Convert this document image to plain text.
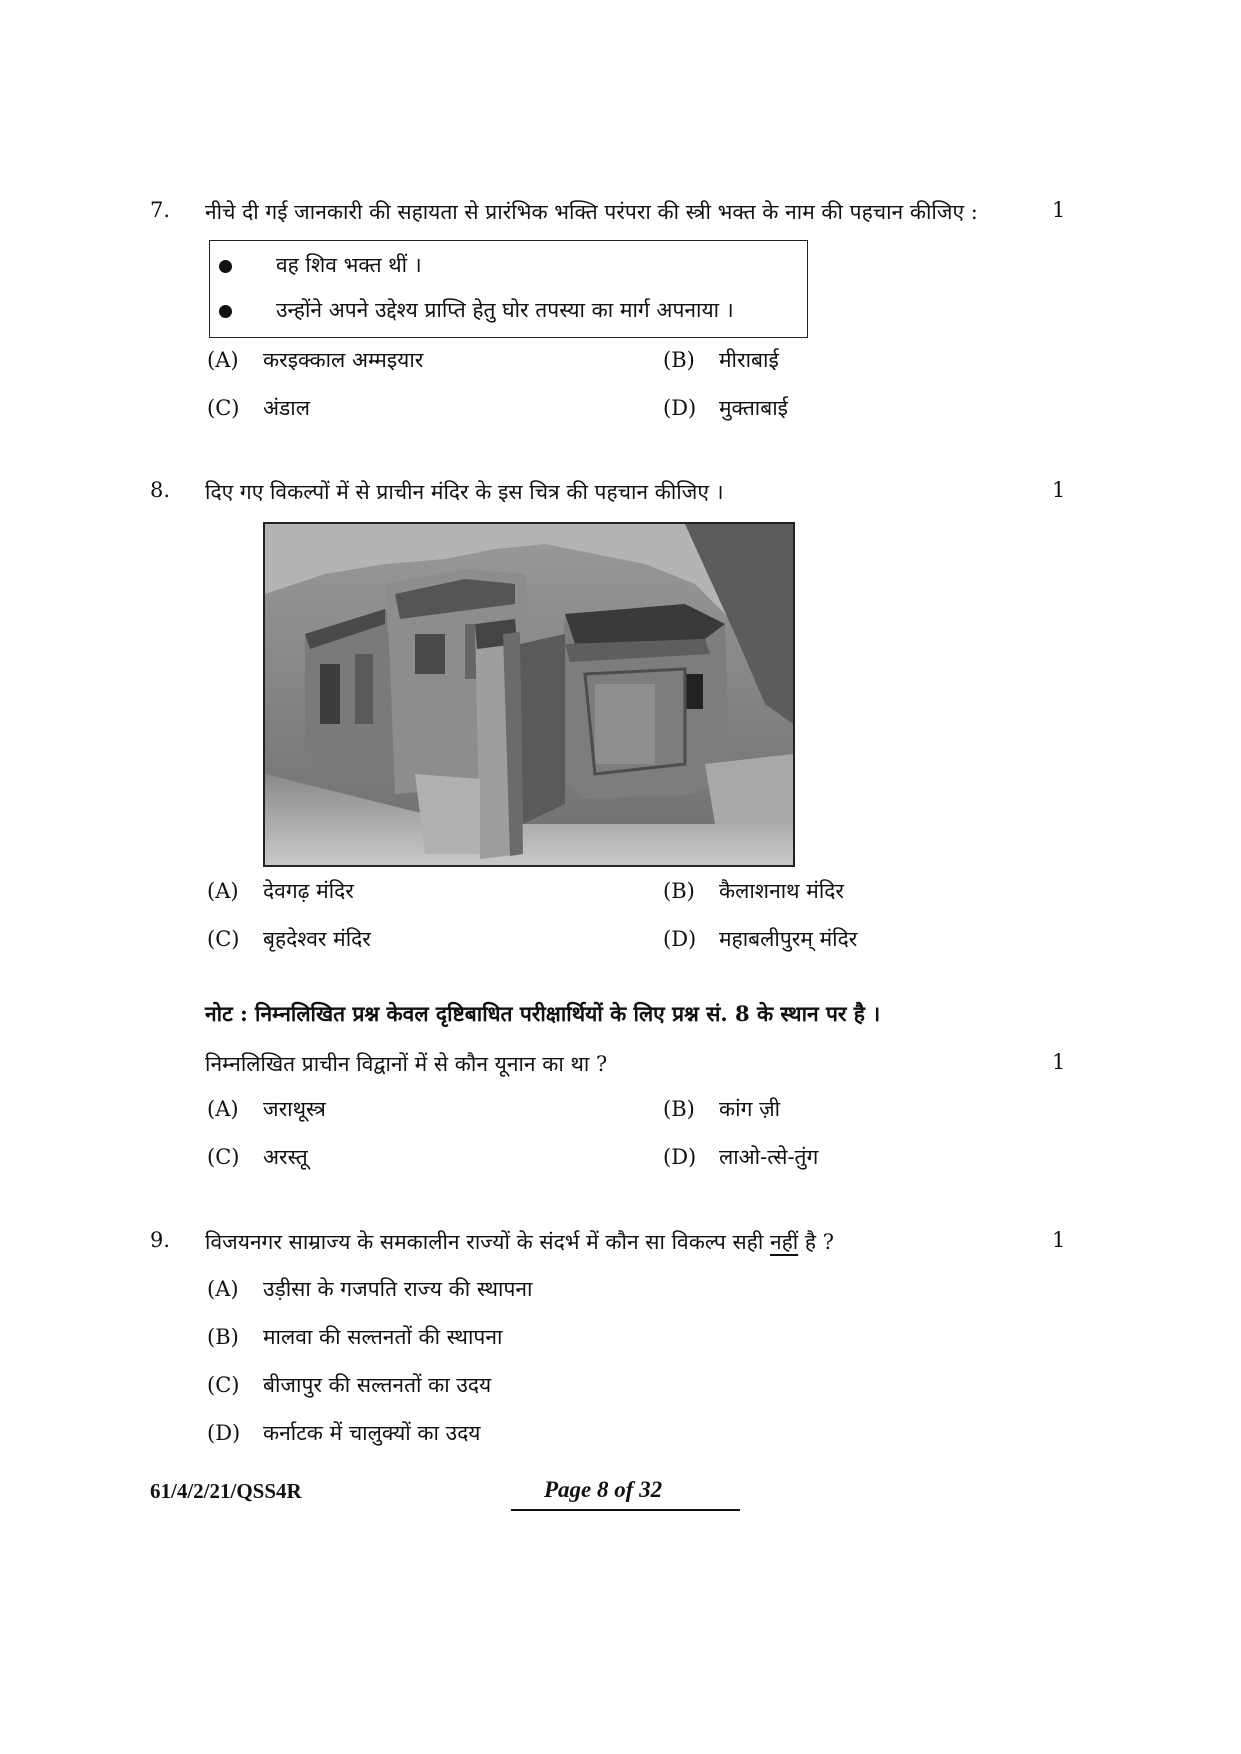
7. नीचे दी गई जानकारी की सहायता से प्रारंभिक भक्ति परंपरा की स्त्री भक्त के नाम की पहचान कीजिए :	1
वह शिव भक्त थीं ।
उन्होंने अपने उद्देश्य प्राप्ति हेतु घोर तपस्या का मार्ग अपनाया ।
(A) करइक्काल अम्मइयार	(B) मीराबाई
(C) अंडाल	(D) मुक्ताबाई
8. दिए गए विकल्पों में से प्राचीन मंदिर के इस चित्र की पहचान कीजिए ।	1
(A) देवगढ़ मंदिर	(B) कैलाशनाथ मंदिर
(C) बृहदेश्वर मंदिर	(D) महाबलीपुरम् मंदिर
नोट : निम्नलिखित प्रश्न केवल दृष्टिबाधित परीक्षार्थियों के लिए प्रश्न सं. 8 के स्थान पर है ।
निम्नलिखित प्राचीन विद्वानों में से कौन यूनान का था ?	1
(A) जराथूस्त्र	(B) कांग ज़ी
(C) अरस्तू	(D) लाओ-त्से-तुंग
9. विजयनगर साम्राज्य के समकालीन राज्यों के संदर्भ में कौन सा विकल्प सही नहीं है ?	1
(A) उड़ीसा के गजपति राज्य की स्थापना
(B) मालवा की सल्तनतों की स्थापना
(C) बीजापुर की सल्तनतों का उदय
(D) कर्नाटक में चालुक्यों का उदय
61/4/2/21/QSS4R	Page 8 of 32
